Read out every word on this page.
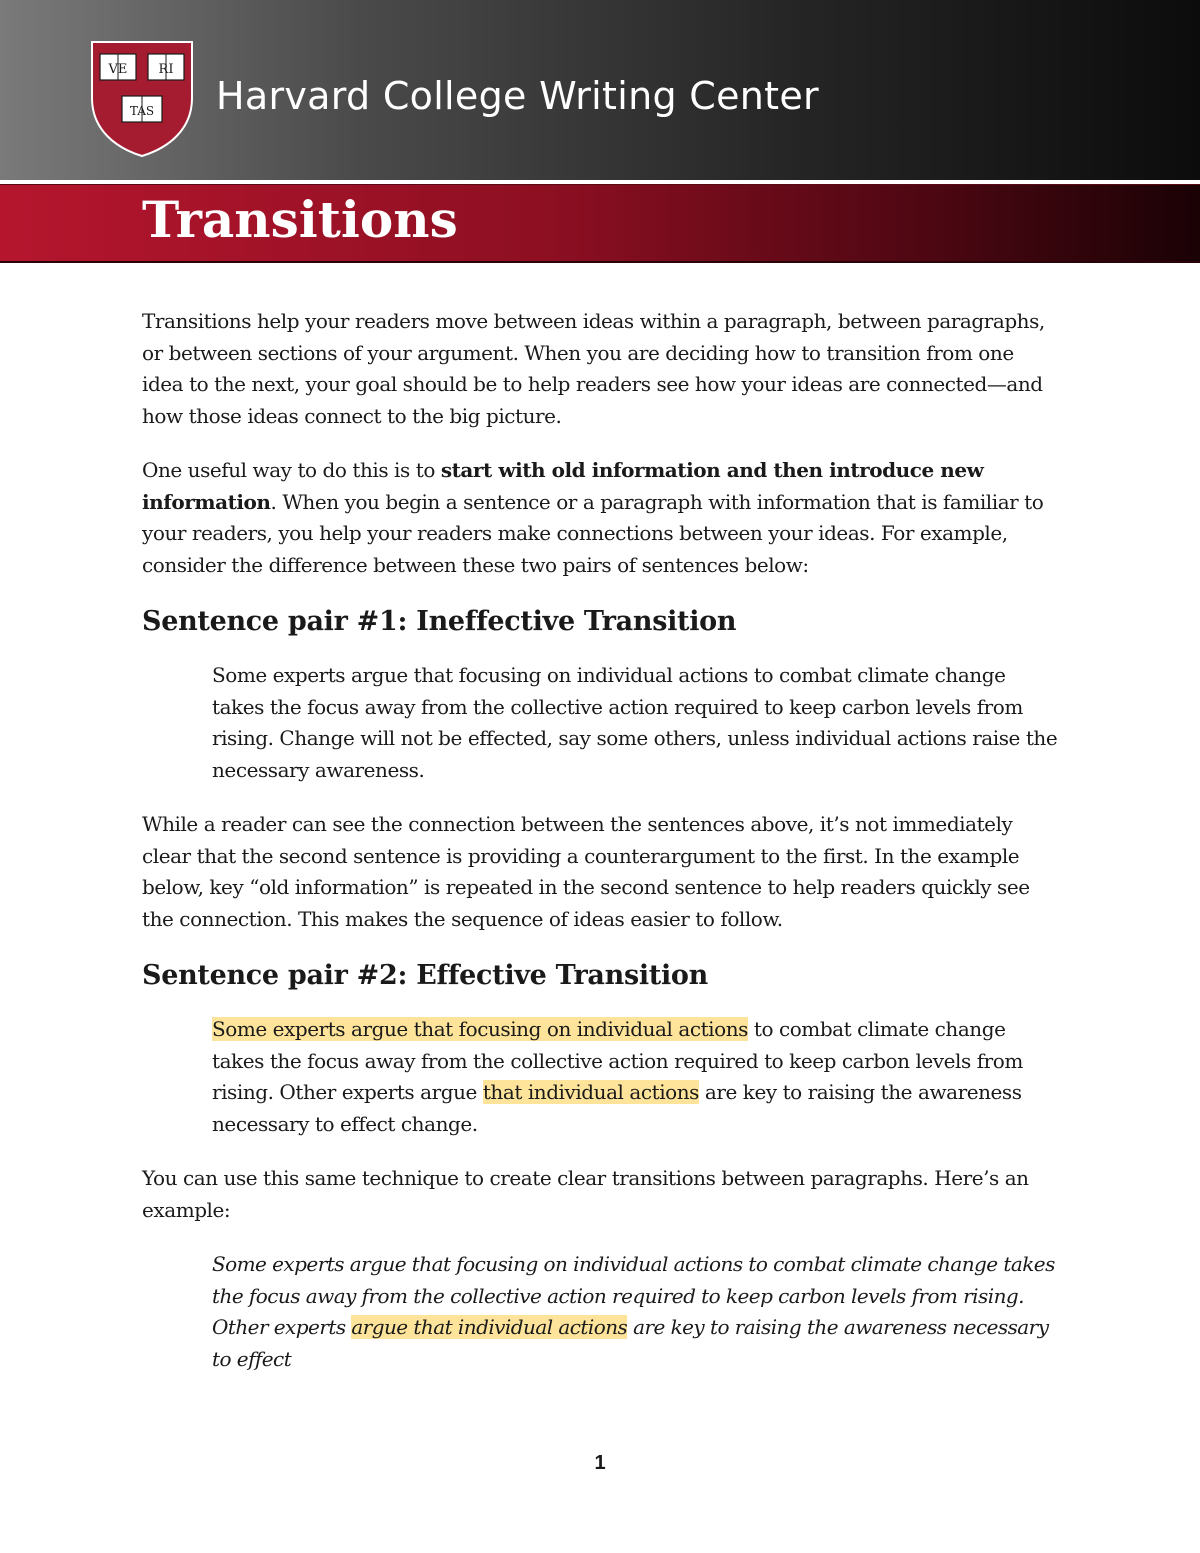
VE RI
TAS Harvard College Writing Center
Transitions

Transitions help your readers move between ideas within a paragraph, between paragraphs, or between sections of your argument. When you are deciding how to transition from one idea to the next, your goal should be to help readers see how your ideas are connected—and how those ideas connect to the big picture.

One useful way to do this is to start with old information and then introduce new information. When you begin a sentence or a paragraph with information that is familiar to your readers, you help your readers make connections between your ideas. For example, consider the difference between these two pairs of sentences below:

Sentence pair #1: Ineffective Transition

Some experts argue that focusing on individual actions to combat climate change takes the focus away from the collective action required to keep carbon levels from rising. Change will not be effected, say some others, unless individual actions raise the necessary awareness.

While a reader can see the connection between the sentences above, it’s not immediately clear that the second sentence is providing a counterargument to the first. In the example below, key “old information” is repeated in the second sentence to help readers quickly see the connection. This makes the sequence of ideas easier to follow.

Sentence pair #2: Effective Transition

Some experts argue that focusing on individual actions to combat climate change takes the focus away from the collective action required to keep carbon levels from rising. Other experts argue that individual actions are key to raising the awareness necessary to effect change.

You can use this same technique to create clear transitions between paragraphs. Here’s an example:

Some experts argue that focusing on individual actions to combat climate change takes the focus away from the collective action required to keep carbon levels from rising. Other experts argue that individual actions are key to raising the awareness necessary to effect

1
